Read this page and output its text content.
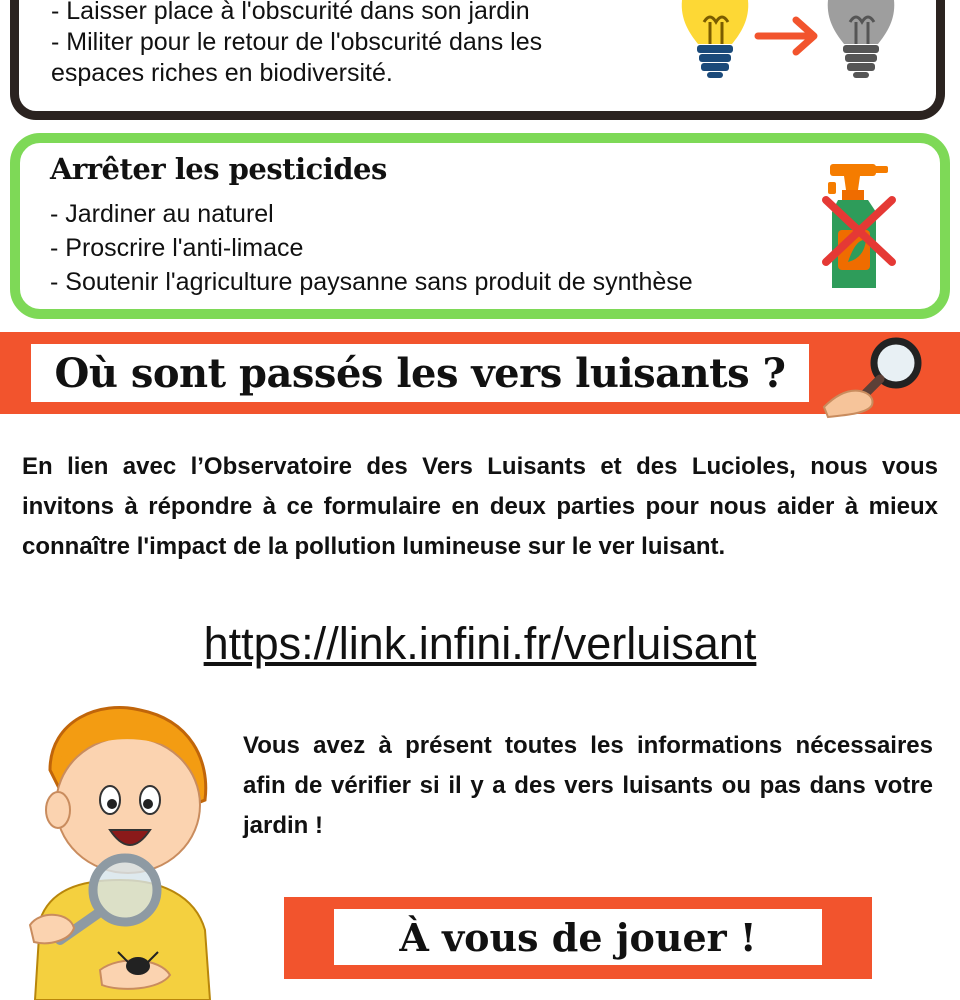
- Laisser place à l'obscurité dans son jardin
- Militer pour le retour de l'obscurité dans les
espaces riches en biodiversité.
Arrêter les pesticides
- Jardiner au naturel
- Proscrire l'anti-limace
- Soutenir l'agriculture paysanne sans produit de synthèse
Où sont passés les vers luisants ?
En lien avec l’Observatoire des Vers Luisants et des Lucioles, nous vous invitons à répondre à ce formulaire en deux parties pour nous aider à mieux connaître l'impact de la pollution lumineuse sur le ver luisant.
https://link.infini.fr/verluisant
Vous avez à présent toutes les informations nécessaires afin de vérifier si il y a des vers luisants ou pas dans votre jardin !
À vous de jouer !
